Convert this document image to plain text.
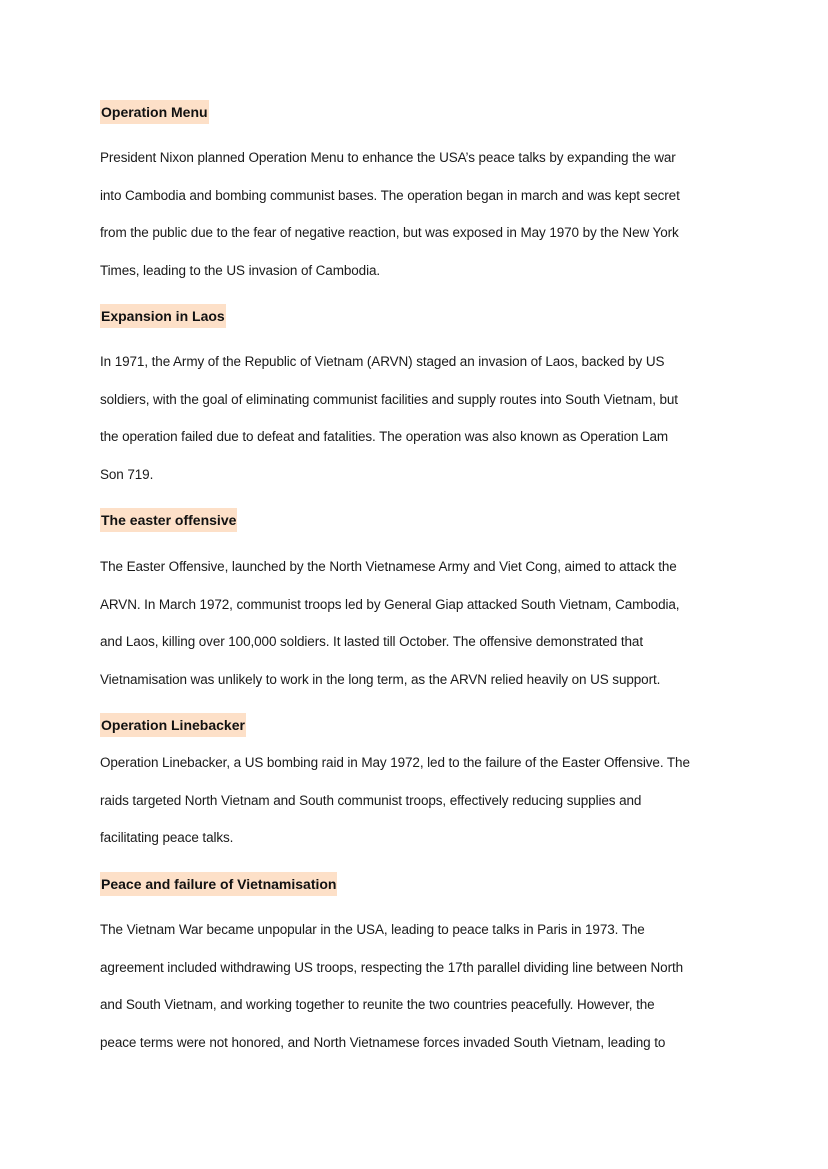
Operation Menu

President Nixon planned Operation Menu to enhance the USA’s peace talks by expanding the war
into Cambodia and bombing communist bases. The operation began in march and was kept secret
from the public due to the fear of negative reaction, but was exposed in May 1970 by the New York
Times, leading to the US invasion of Cambodia.

Expansion in Laos

In 1971, the Army of the Republic of Vietnam (ARVN) staged an invasion of Laos, backed by US
soldiers, with the goal of eliminating communist facilities and supply routes into South Vietnam, but
the operation failed due to defeat and fatalities. The operation was also known as Operation Lam
Son 719.

The easter offensive

The Easter Offensive, launched by the North Vietnamese Army and Viet Cong, aimed to attack the
ARVN. In March 1972, communist troops led by General Giap attacked South Vietnam, Cambodia,
and Laos, killing over 100,000 soldiers. It lasted till October. The offensive demonstrated that
Vietnamisation was unlikely to work in the long term, as the ARVN relied heavily on US support.

Operation Linebacker

Operation Linebacker, a US bombing raid in May 1972, led to the failure of the Easter Offensive. The
raids targeted North Vietnam and South communist troops, effectively reducing supplies and
facilitating peace talks.

Peace and failure of Vietnamisation

The Vietnam War became unpopular in the USA, leading to peace talks in Paris in 1973. The
agreement included withdrawing US troops, respecting the 17th parallel dividing line between North
and South Vietnam, and working together to reunite the two countries peacefully. However, the
peace terms were not honored, and North Vietnamese forces invaded South Vietnam, leading to
